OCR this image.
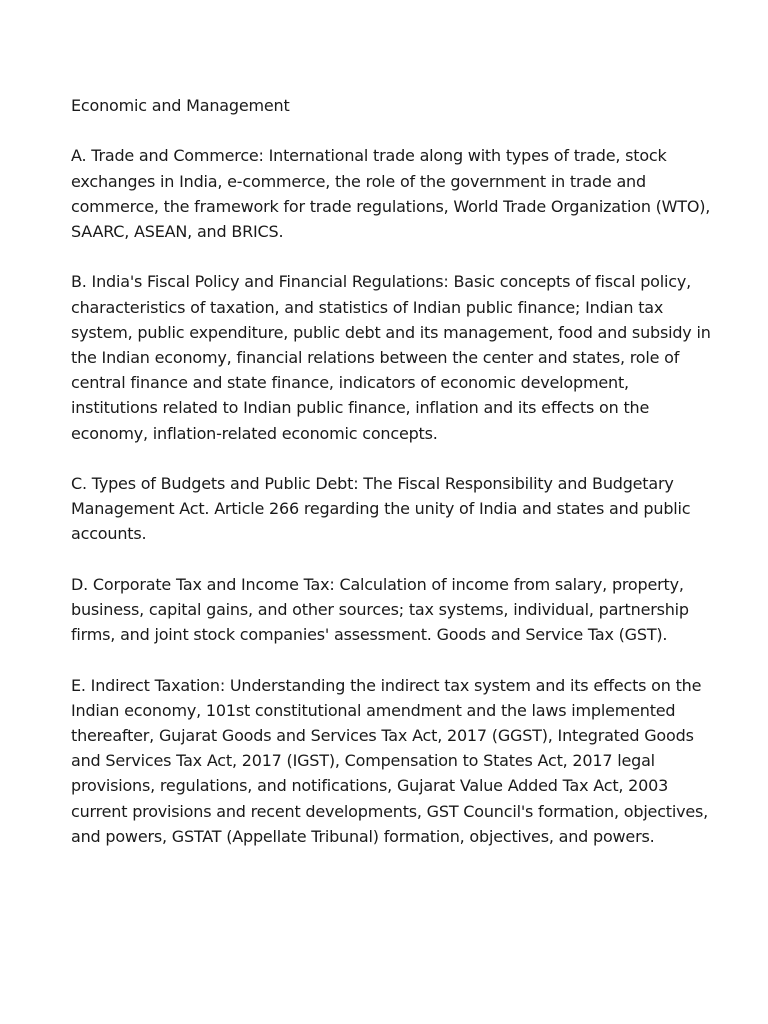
Economic and Management

A. Trade and Commerce: International trade along with types of trade, stock exchanges in India, e-commerce, the role of the government in trade and commerce, the framework for trade regulations, World Trade Organization (WTO), SAARC, ASEAN, and BRICS.

B. India's Fiscal Policy and Financial Regulations: Basic concepts of fiscal policy, characteristics of taxation, and statistics of Indian public finance; Indian tax system, public expenditure, public debt and its management, food and subsidy in the Indian economy, financial relations between the center and states, role of central finance and state finance, indicators of economic development, institutions related to Indian public finance, inflation and its effects on the economy, inflation-related economic concepts.

C. Types of Budgets and Public Debt: The Fiscal Responsibility and Budgetary Management Act. Article 266 regarding the unity of India and states and public accounts.

D. Corporate Tax and Income Tax: Calculation of income from salary, property, business, capital gains, and other sources; tax systems, individual, partnership firms, and joint stock companies' assessment. Goods and Service Tax (GST).

E. Indirect Taxation: Understanding the indirect tax system and its effects on the Indian economy, 101st constitutional amendment and the laws implemented thereafter, Gujarat Goods and Services Tax Act, 2017 (GGST), Integrated Goods and Services Tax Act, 2017 (IGST), Compensation to States Act, 2017 legal provisions, regulations, and notifications, Gujarat Value Added Tax Act, 2003 current provisions and recent developments, GST Council's formation, objectives, and powers, GSTAT (Appellate Tribunal) formation, objectives, and powers.
